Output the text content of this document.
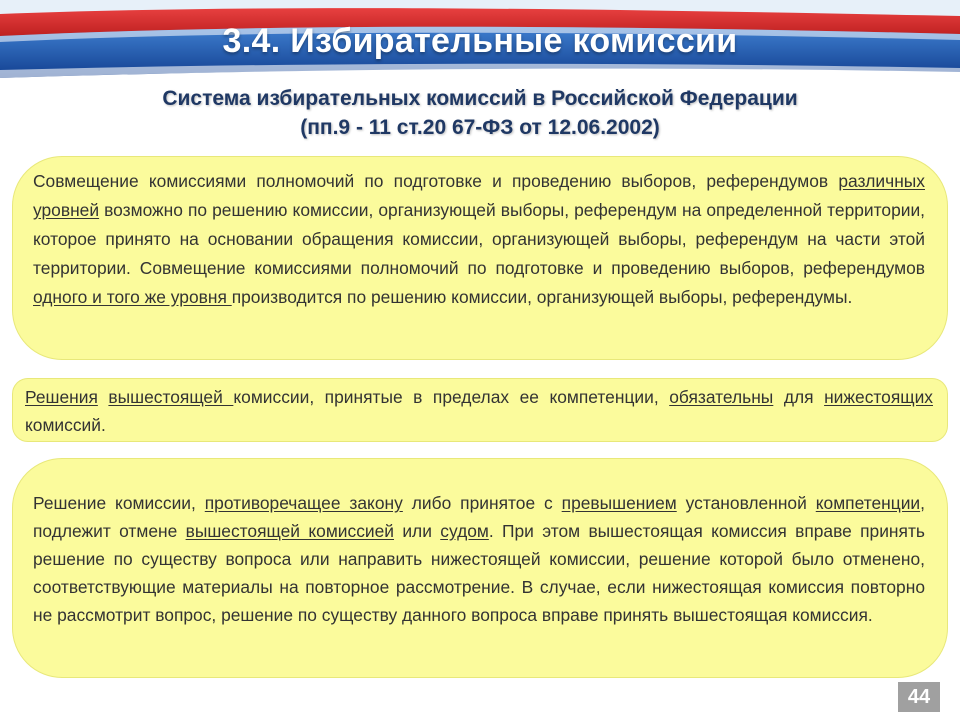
3.4. Избирательные комиссии
Система избирательных комиссий в Российской Федерации
(пп.9 - 11 ст.20 67-ФЗ от 12.06.2002)

Совмещение комиссиями полномочий по подготовке и проведению выборов, референдумов различных уровней возможно по решению комиссии, организующей выборы, референдум на определенной территории, которое принято на основании обращения комиссии, организующей выборы, референдум на части этой территории. Совмещение комиссиями полномочий по подготовке и проведению выборов, референдумов одного и того же уровня производится по решению комиссии, организующей выборы, референдумы.

Решения вышестоящей комиссии, принятые в пределах ее компетенции, обязательны для нижестоящих комиссий.

Решение комиссии, противоречащее закону либо принятое с превышением установленной компетенции, подлежит отмене вышестоящей комиссией или судом. При этом вышестоящая комиссия вправе принять решение по существу вопроса или направить нижестоящей комиссии, решение которой было отменено, соответствующие материалы на повторное рассмотрение. В случае, если нижестоящая комиссия повторно не рассмотрит вопрос, решение по существу данного вопроса вправе принять вышестоящая комиссия.

44
